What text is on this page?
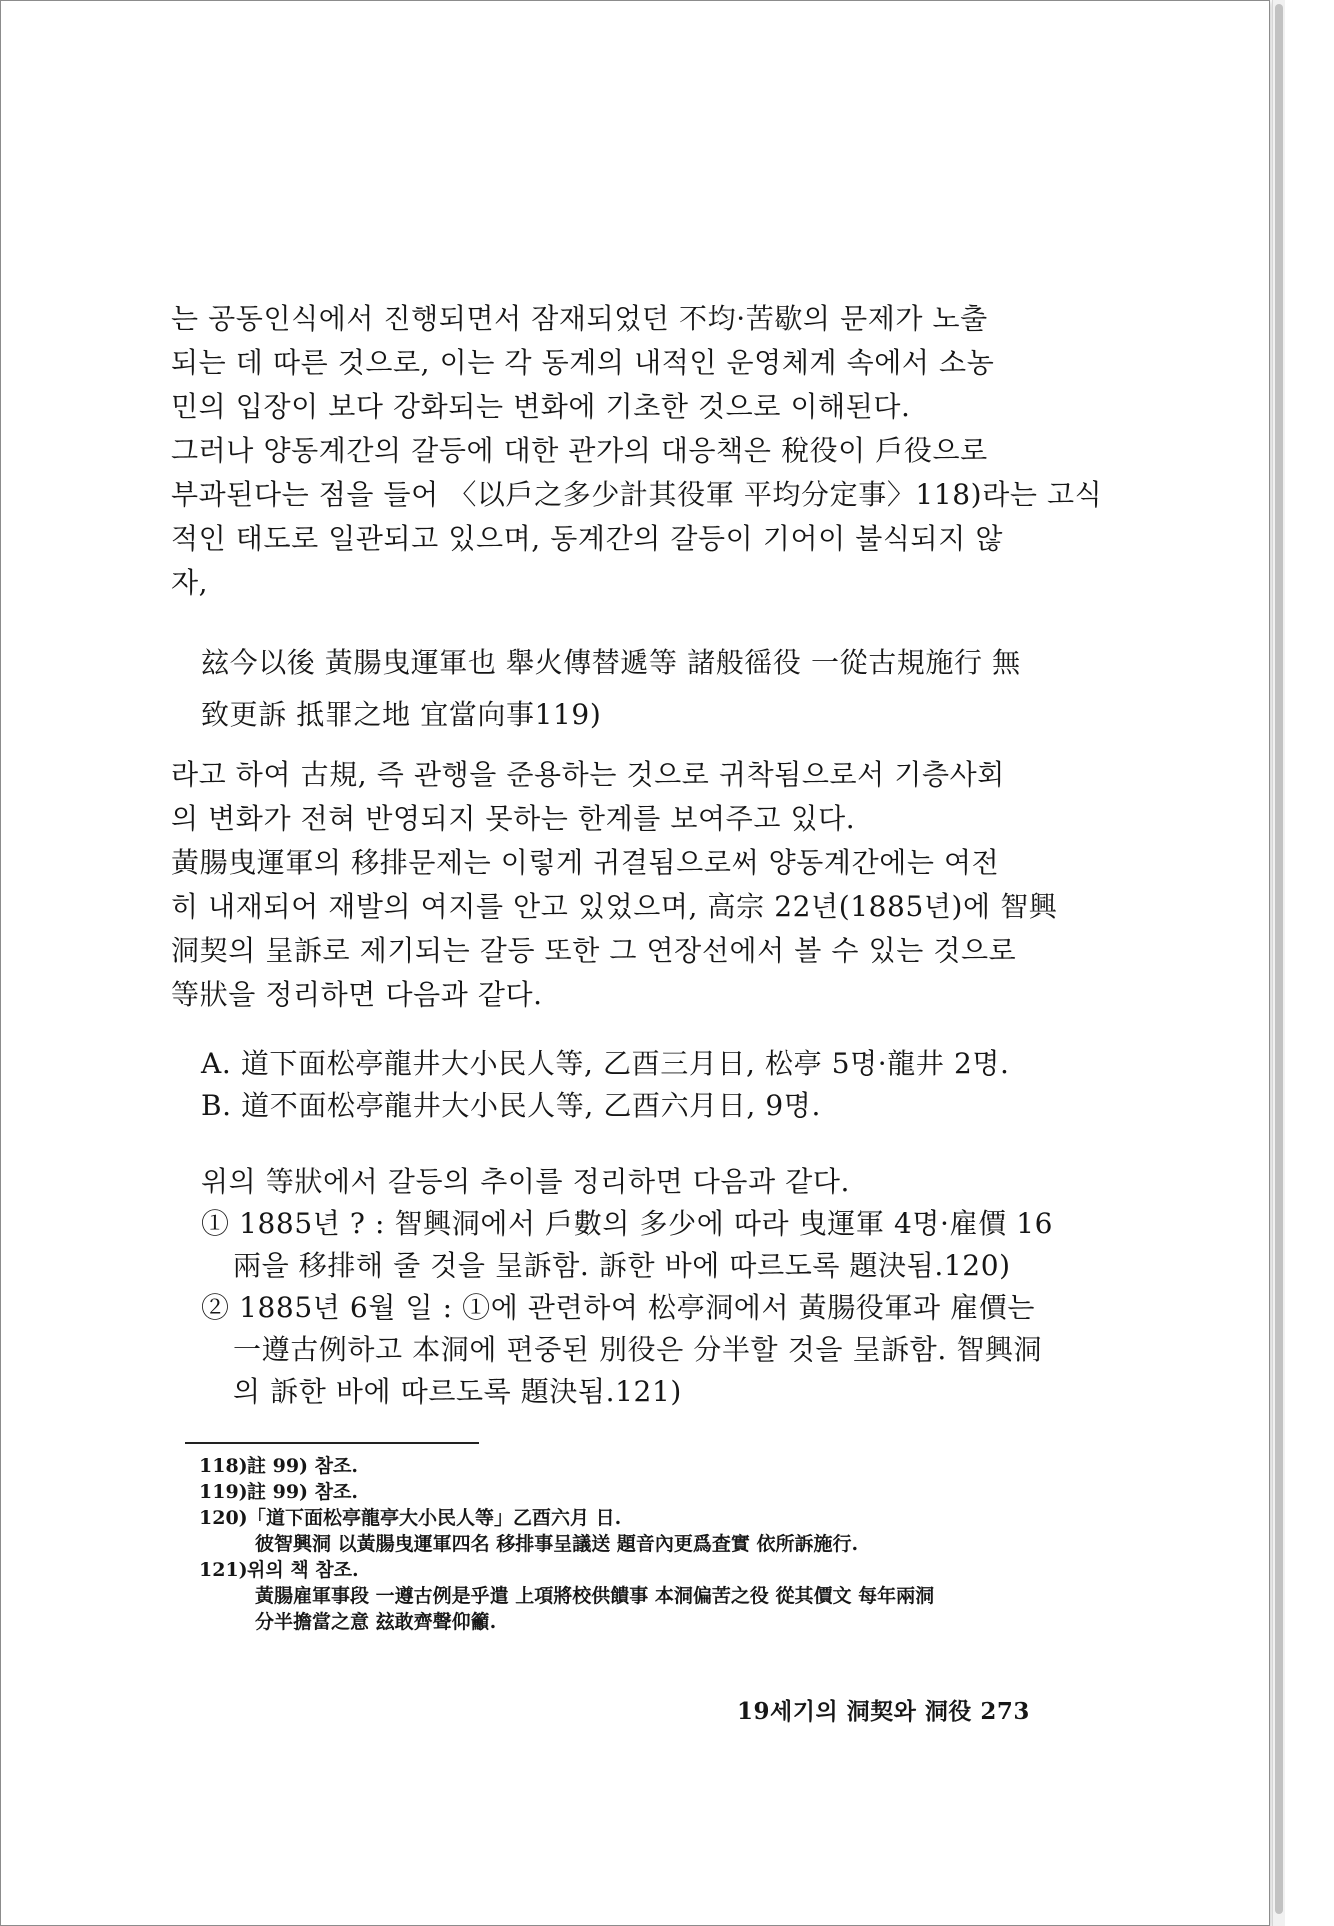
는 공동인식에서 진행되면서 잠재되었던 不均·苦歇의 문제가 노출

되는 데 따른 것으로, 이는 각 동계의 내적인 운영체계 속에서 소농

민의 입장이 보다 강화되는 변화에 기초한 것으로 이해된다.

그러나 양동계간의 갈등에 대한 관가의 대응책은 稅役이 戶役으로

부과된다는 점을 들어 〈以戶之多少計其役軍 平均分定事〉118)라는 고식

적인 태도로 일관되고 있으며, 동계간의 갈등이 기어이 불식되지 않

자,

玆今以後 黃腸曳運軍也 舉火傳替遞等 諸般徭役 一從古規施行 無

致更訴 抵罪之地 宜當向事119)

라고 하여 古規, 즉 관행을 준용하는 것으로 귀착됨으로서 기층사회

의 변화가 전혀 반영되지 못하는 한계를 보여주고 있다.

黃腸曳運軍의 移排문제는 이렇게 귀결됨으로써 양동계간에는 여전

히 내재되어 재발의 여지를 안고 있었으며, 高宗 22년(1885년)에 智興

洞契의 呈訴로 제기되는 갈등 또한 그 연장선에서 볼 수 있는 것으로

等狀을 정리하면 다음과 같다.

A. 道下面松亭龍井大小民人等, 乙酉三月日, 松亭 5명·龍井 2명.

B. 道不面松亭龍井大小民人等, 乙酉六月日, 9명.

위의 等狀에서 갈등의 추이를 정리하면 다음과 같다.

① 1885년 ? : 智興洞에서 戶數의 多少에 따라 曳運軍 4명·雇價 16

兩을 移排해 줄 것을 呈訴함. 訴한 바에 따르도록 題決됨.120)

② 1885년 6월 일 : ①에 관련하여 松亭洞에서 黃腸役軍과 雇價는

一遵古例하고 本洞에 편중된 別役은 分半할 것을 呈訴함. 智興洞

의 訴한 바에 따르도록 題決됨.121)

118)註 99) 참조.

119)註 99) 참조.

120)「道下面松亭龍亭大小民人等」乙酉六月 日.

彼智興洞 以黃腸曳運軍四名 移排事呈議送 題音內更爲査實 依所訴施行.

121)위의 책 참조.

黃腸雇軍事段 一遵古例是乎遣 上項將校供饋事 本洞偏苦之役 從其價文 每年兩洞

分半擔當之意 玆敢齊聲仰籲.

19세기의 洞契와 洞役 273
